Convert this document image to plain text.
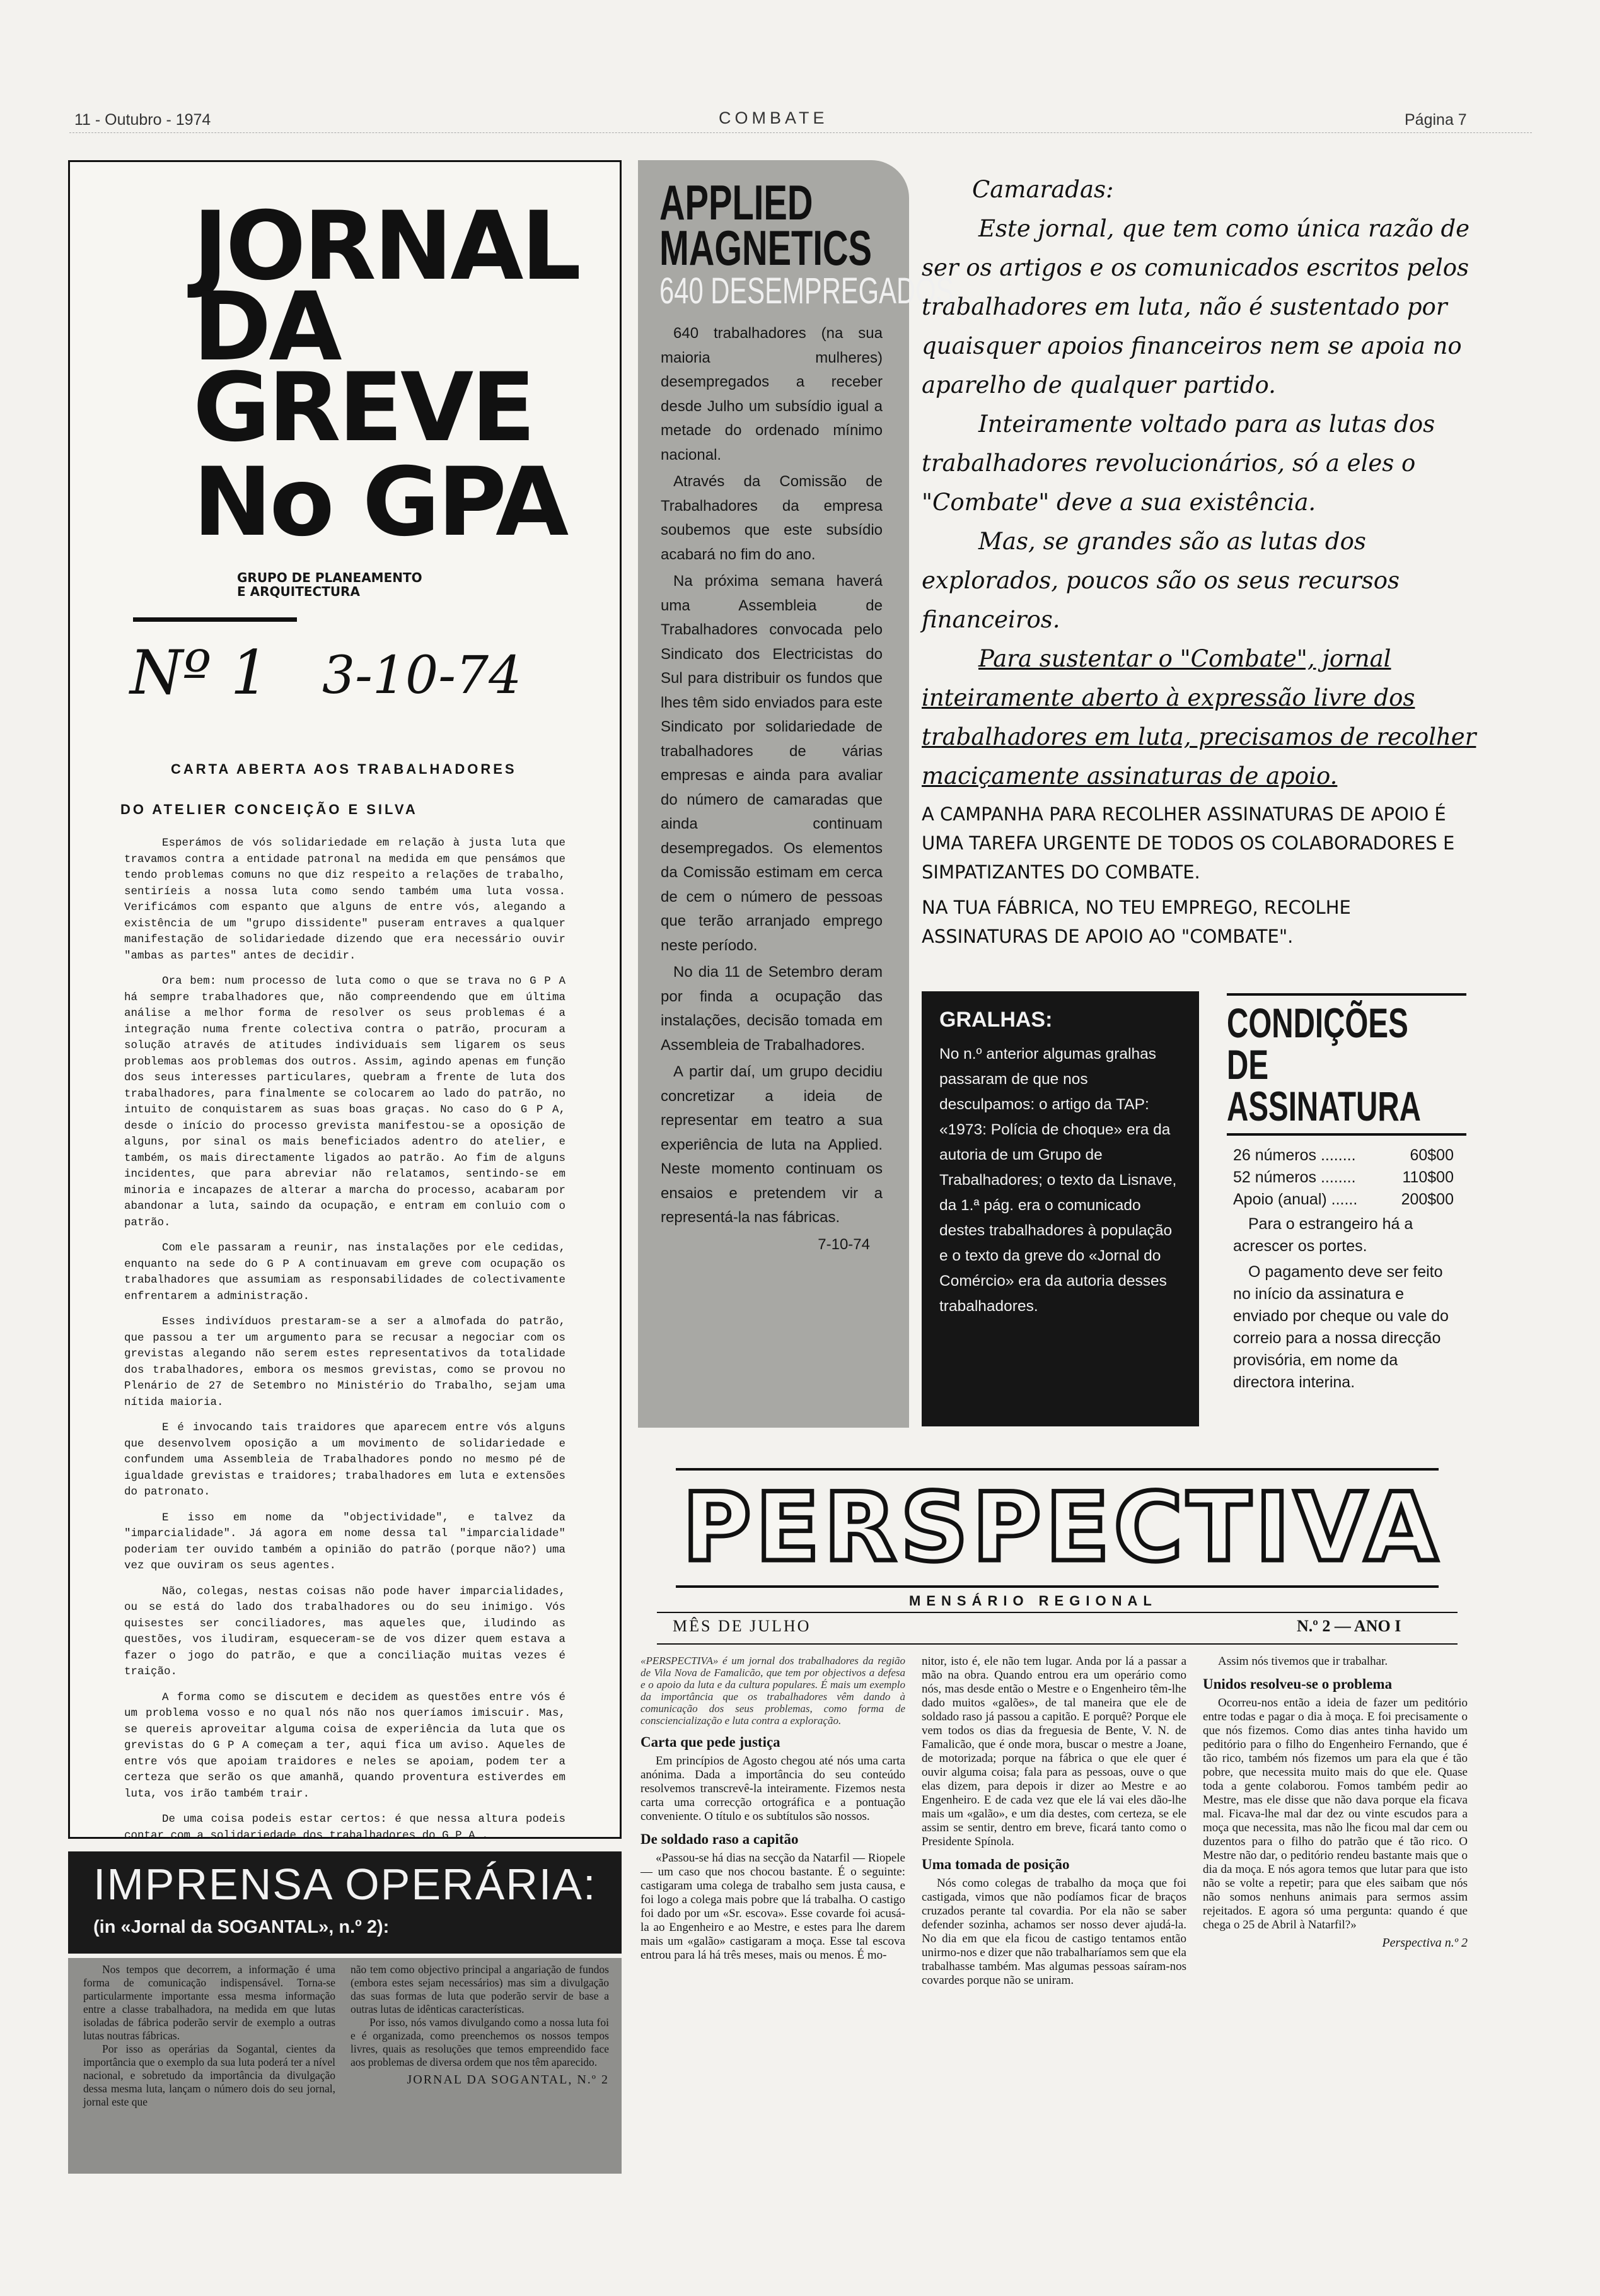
11 - Outubro - 1974	COMBATE	Página 7
JORNAL
DA
GREVE
No GPA
GRUPO DE PLANEAMENTO
E ARQUITECTURA
Nº 1 3-10-74
CARTA ABERTA AOS TRABALHADORES
DO ATELIER CONCEIÇÃO E SILVA

Esperámos de vós solidariedade em relação à justa luta que travamos contra a entidade patronal na medida em que pensámos que tendo problemas comuns no que diz respeito a relações de trabalho, sentiríeis a nossa luta como sendo também uma luta vossa. Verificámos com espanto que alguns de entre vós, alegando a existência de um "grupo dissidente" puseram entraves a qualquer manifestação de solidariedade dizendo que era necessário ouvir "ambas as partes" antes de decidir.

Ora bem: num processo de luta como o que se trava no G P A há sempre trabalhadores que, não compreendendo que em última análise a melhor forma de resolver os seus problemas é a integração numa frente colectiva contra o patrão, procuram a solução através de atitudes individuais sem ligarem os seus problemas aos problemas dos outros. Assim, agindo apenas em função dos seus interesses particulares, quebram a frente de luta dos trabalhadores, para finalmente se colocarem ao lado do patrão, no intuito de conquistarem as suas boas graças. No caso do G P A, desde o início do processo grevista manifestou-se a oposição de alguns, por sinal os mais beneficiados adentro do atelier, e também, os mais directamente ligados ao patrão. Ao fim de alguns incidentes, que para abreviar não relatamos, sentindo-se em minoria e incapazes de alterar a marcha do processo, acabaram por abandonar a luta, saindo da ocupação, e entram em conluio com o patrão.

Com ele passaram a reunir, nas instalações por ele cedidas, enquanto na sede do G P A continuavam em greve com ocupação os trabalhadores que assumiam as responsabilidades de colectivamente enfrentarem a administração.

Esses indivíduos prestaram-se a ser a almofada do patrão, que passou a ter um argumento para se recusar a negociar com os grevistas alegando não serem estes representativos da totalidade dos trabalhadores, embora os mesmos grevistas, como se provou no Plenário de 27 de Setembro no Ministério do Trabalho, sejam uma nítida maioria.

E é invocando tais traidores que aparecem entre vós alguns que desenvolvem oposição a um movimento de solidariedade e confundem uma Assembleia de Trabalhadores pondo no mesmo pé de igualdade grevistas e traidores; trabalhadores em luta e extensões do patronato.

E isso em nome da "objectividade", e talvez da "imparcialidade". Já agora em nome dessa tal "imparcialidade" poderiam ter ouvido também a opinião do patrão (porque não?) uma vez que ouviram os seus agentes.

Não, colegas, nestas coisas não pode haver imparcialidades, ou se está do lado dos trabalhadores ou do seu inimigo. Vós quisestes ser conciliadores, mas aqueles que, iludindo as questões, vos iludiram, esqueceram-se de vos dizer quem estava a fazer o jogo do patrão, e que a conciliação muitas vezes é traição.

A forma como se discutem e decidem as questões entre vós é um problema vosso e no qual nós não nos queríamos imiscuir. Mas, se quereis aproveitar alguma coisa de experiência da luta que os grevistas do G P A começam a ter, aqui fica um aviso. Aqueles de entre vós que apoiam traidores e neles se apoiam, podem ter a certeza que serão os que amanhã, quando proventura estiverdes em luta, vos irão também trair.

De uma coisa podeis estar certos: é que nessa altura podeis contar com a solidariedade dos trabalhadores do G P A .

APPLIED
MAGNETICS
640 DESEMPREGADOS

640 trabalhadores (na sua maioria mulheres) desempregados a receber desde Julho um subsídio igual a metade do ordenado mínimo nacional.

Através da Comissão de Trabalhadores da empresa soubemos que este subsídio acabará no fim do ano.

Na próxima semana haverá uma Assembleia de Trabalhadores convocada pelo Sindicato dos Electricistas do Sul para distribuir os fundos que lhes têm sido enviados para este Sindicato por solidariedade de trabalhadores de várias empresas e ainda para avaliar do número de camaradas que ainda continuam desempregados. Os elementos da Comissão estimam em cerca de cem o número de pessoas que terão arranjado emprego neste período.

No dia 11 de Setembro deram por finda a ocupação das instalações, decisão tomada em Assembleia de Trabalhadores.

A partir daí, um grupo decidiu concretizar a ideia de representar em teatro a sua experiência de luta na Applied. Neste momento continuam os ensaios e pretendem vir a representá-la nas fábricas.

7-10-74
Camaradas:
Este jornal, que tem como única razão de ser os artigos e os comunicados escritos pelos trabalhadores em luta, não é sustentado por quaisquer apoios financeiros nem se apoia no aparelho de qualquer partido.
Inteiramente voltado para as lutas dos trabalhadores revolucionários, só a eles o "Combate" deve a sua existência.
Mas, se grandes são as lutas dos explorados, poucos são os seus recursos financeiros.
Para sustentar o "Combate", jornal inteiramente aberto à expressão livre dos trabalhadores em luta, precisamos de recolher maciçamente assinaturas de apoio.
A CAMPANHA PARA RECOLHER ASSINATURAS DE APOIO É UMA TAREFA URGENTE DE TODOS OS COLABORADORES E SIMPATIZANTES DO COMBATE.
NA TUA FÁBRICA, NO TEU EMPREGO, RECOLHE ASSINATURAS DE APOIO AO "COMBATE".
GRALHAS:
No n.º anterior algumas gralhas passaram de que nos desculpamos: o artigo da TAP: «1973: Polícia de choque» era da autoria de um Grupo de Trabalhadores; o texto da Lisnave, da 1.ª pág. era o comunicado destes trabalhadores à população e o texto da greve do «Jornal do Comércio» era da autoria desses trabalhadores.
CONDIÇÕES
DE
ASSINATURA
26 números ........	60$00
52 números ........	110$00
Apoio (anual) ......	200$00
Para o estrangeiro há a acrescer os portes.
O pagamento deve ser feito no início da assinatura e enviado por cheque ou vale do correio para a nossa direcção provisória, em nome da directora interina.
IMPRENSA OPERÁRIA:
(in «Jornal da SOGANTAL», n.º 2):

Nos tempos que decorrem, a informação é uma forma de comunicação indispensável. Torna-se particularmente importante essa mesma informação entre a classe trabalhadora, na medida em que lutas isoladas de fábrica poderão servir de exemplo a outras lutas noutras fábricas.

Por isso as operárias da Sogantal, cientes da importância que o exemplo da sua luta poderá ter a nível nacional, e sobretudo da importância da divulgação dessa mesma luta, lançam o número dois do seu jornal, jornal este que

não tem como objectivo principal a angariação de fundos (embora estes sejam necessários) mas sim a divulgação das suas formas de luta que poderão servir de base a outras lutas de idênticas características.

Por isso, nós vamos divulgando como a nossa luta foi e é organizada, como preenchemos os nossos tempos livres, quais as resoluções que temos empreendido face aos problemas de diversa ordem que nos têm aparecido.

JORNAL DA SOGANTAL, N.º 2
PERSPECTIVA
MENSÁRIO REGIONAL
MÊS DE JULHO	N.º 2 — ANO I

«PERSPECTIVA» é um jornal dos trabalhadores da região de Vila Nova de Famalicão, que tem por objectivos a defesa e o apoio da luta e da cultura populares. É mais um exemplo da importância que os trabalhadores vêm dando à comunicação dos seus problemas, como forma de consciencialização e luta contra a exploração.

Carta que pede justiça

Em princípios de Agosto chegou até nós uma carta anónima. Dada a importância do seu conteúdo resolvemos transcrevê-la inteiramente. Fizemos nesta carta uma correcção ortográfica e a pontuação conveniente. O título e os subtítulos são nossos.

De soldado raso a capitão

«Passou-se há dias na secção da Natarfil — Riopele — um caso que nos chocou bastante. É o seguinte: castigaram uma colega de trabalho sem justa causa, e foi logo a colega mais pobre que lá trabalha. O castigo foi dado por um «Sr. escova». Esse covarde foi acusá-la ao Engenheiro e ao Mestre, e estes para lhe darem mais um «galão» castigaram a moça. Esse tal escova entrou para lá há três meses, mais ou menos. É mo-

nitor, isto é, ele não tem lugar. Anda por lá a passar a mão na obra. Quando entrou era um operário como nós, mas desde então o Mestre e o Engenheiro têm-lhe dado muitos «galões», de tal maneira que ele de soldado raso já passou a capitão. E porquê? Porque ele vem todos os dias da freguesia de Bente, V. N. de Famalicão, que é onde mora, buscar o mestre a Joane, de motorizada; porque na fábrica o que ele quer é ouvir alguma coisa; fala para as pessoas, ouve o que elas dizem, para depois ir dizer ao Mestre e ao Engenheiro. E de cada vez que ele lá vai eles dão-lhe mais um «galão», e um dia destes, com certeza, se ele assim se sentir, dentro em breve, ficará tanto como o Presidente Spínola.

Uma tomada de posição

Nós como colegas de trabalho da moça que foi castigada, vimos que não podíamos ficar de braços cruzados perante tal covardia. Por ela não se saber defender sozinha, achamos ser nosso dever ajudá-la. No dia em que ela ficou de castigo tentamos então unirmo-nos e dizer que não trabalharíamos sem que ela trabalhasse também. Mas algumas pessoas saíram-nos covardes porque não se uniram.

Assim nós tivemos que ir trabalhar.

Unidos resolveu-se o problema

Ocorreu-nos então a ideia de fazer um peditório entre todas e pagar o dia à moça. E foi precisamente o que nós fizemos. Como dias antes tinha havido um peditório para o filho do Engenheiro Fernando, que é tão rico, também nós fizemos um para ela que é tão pobre, que necessita muito mais do que ele. Quase toda a gente colaborou. Fomos também pedir ao Mestre, mas ele disse que não dava porque ela ficava mal. Ficava-lhe mal dar dez ou vinte escudos para a moça que necessita, mas não lhe ficou mal dar cem ou duzentos para o filho do patrão que é tão rico. O Mestre não dar, o peditório rendeu bastante mais que o dia da moça. E nós agora temos que lutar para que isto não se volte a repetir; para que eles saibam que nós não somos nenhuns animais para sermos assim rejeitados. E agora só uma pergunta: quando é que chega o 25 de Abril à Natarfil?»

Perspectiva n.º 2
